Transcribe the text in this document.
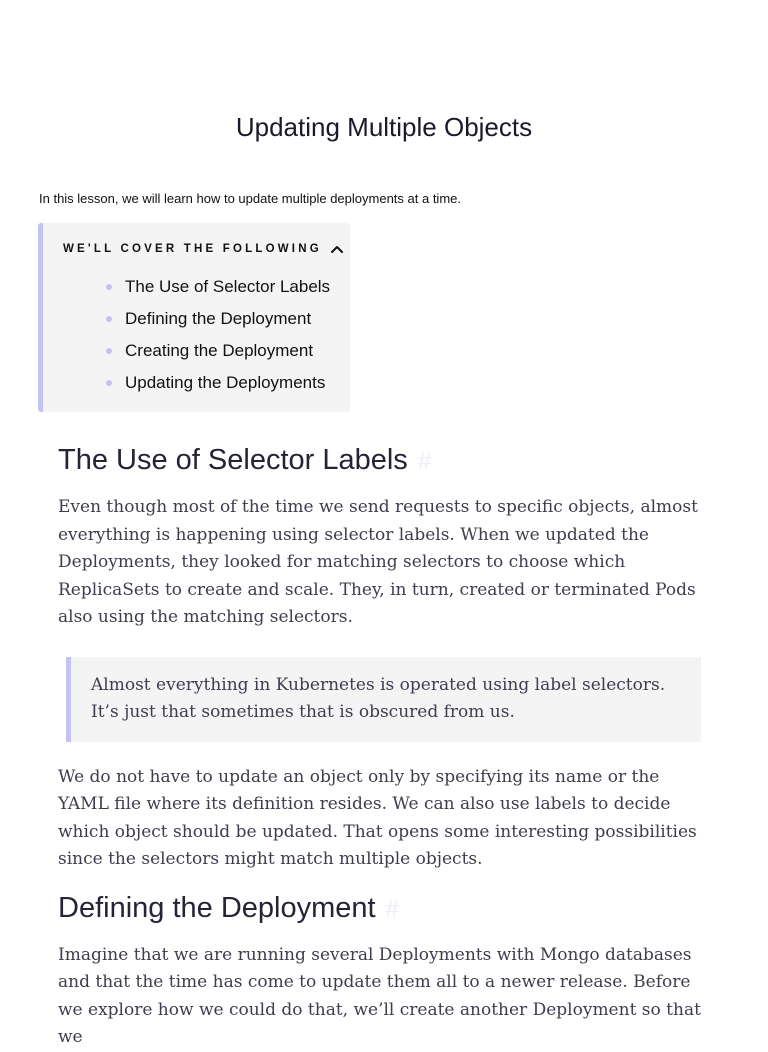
Updating Multiple Objects

In this lesson, we will learn how to update multiple deployments at a time.

WE'LL COVER THE FOLLOWING
The Use of Selector Labels
Defining the Deployment
Creating the Deployment
Updating the Deployments
The Use of Selector Labels #

Even though most of the time we send requests to specific objects, almost everything is happening using selector labels. When we updated the Deployments, they looked for matching selectors to choose which ReplicaSets to create and scale. They, in turn, created or terminated Pods also using the matching selectors.

Almost everything in Kubernetes is operated using label selectors. It’s just that sometimes that is obscured from us.

We do not have to update an object only by specifying its name or the YAML file where its definition resides. We can also use labels to decide which object should be updated. That opens some interesting possibilities since the selectors might match multiple objects.

Defining the Deployment #

Imagine that we are running several Deployments with Mongo databases and that the time has come to update them all to a newer release. Before we explore how we could do that, we’ll create another Deployment so that we
